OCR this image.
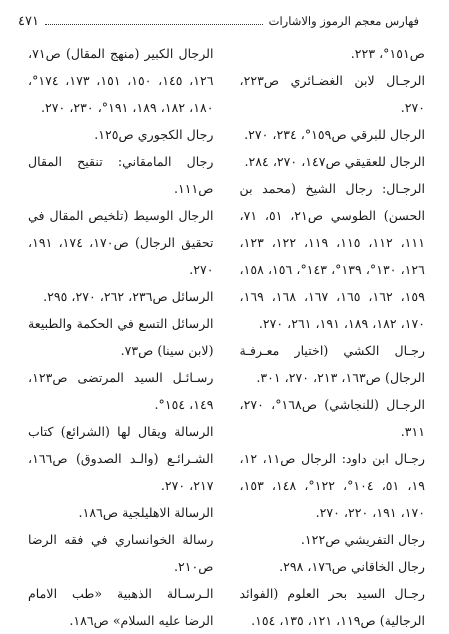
فهارس معجم الرموز والاشارات
٤٧١
ص١٥١°، ٢٢٣.
الرجـال لابن الغضـائري ص٢٢٣، ٢٧٠.
الرجال للبرقي ص١٥٩°، ٢٣٤، ٢٧٠.
الرجال للعقيقي ص١٤٧، ٢٧٠، ٢٨٤.
الرجـال: رجال الشيخ (محمد بن الحسن) الطوسي ص٢١، ٥١، ٧١، ١١١، ١١٢، ١١٥، ١١٩، ١٢٢، ١٢٣، ١٢٦، ١٣٠°، ١٣٩°، ١٤٣°، ١٥٦، ١٥٨، ١٥٩، ١٦٢، ١٦٥، ١٦٧، ١٦٨، ١٦٩، ١٧٠، ١٨٢، ١٨٩، ١٩١، ٢٦١، ٢٧٠.
رجـال الكشي (اختيار معـرفـة الرجال) ص١٦٣، ٢١٣، ٢٧٠، ٣٠١.
الرجـال (للنجاشي) ص١٦٨°، ٢٧٠، ٣١١.
رجـال ابن داود: الرجال ص١١، ١٢، ١٩، ٥١، ١٠٤°، ١٢٢°، ١٤٨، ١٥٣، ١٧٠، ١٩١، ٢٢٠، ٢٧٠.
رجال التفريشي ص١٢٢.
رجال الخاقاني ص١٧٦، ٢٩٨.
رجـال السيد بحر العلوم (الفوائد الرجالية) ص١١٩، ١٢١، ١٣٥، ١٥٤.
الرجال الكبير (منهج المقال) ص٧١، ١٢٦، ١٤٥، ١٥٠، ١٥١، ١٧٣، ١٧٤°، ١٨٠، ١٨٢، ١٨٩، ١٩١°، ٢٣٠، ٢٧٠.
رجال الكجوري ص١٢٥.
رجال المامقاني: تنقيح المقال ص١١١.
الرجال الوسيط (تلخيص المقال في تحقيق الرجال) ص١٧٠، ١٧٤، ١٩١، ٢٧٠.
الرسائل ص٢٣٦، ٢٦٢، ٢٧٠، ٢٩٥.
الرسائل التسع في الحكمة والطبيعة (لابن سينا) ص٧٣.
رسـائـل السيد المرتضى ص١٢٣، ١٤٩، ١٥٤°.
الرسالة ويقال لها (الشرائع) كتاب الشـرائـع (والـد الصدوق) ص١٦٦، ٢١٧، ٢٧٠.
الرسالة الاهليلجية ص١٨٦.
رسالة الخوانساري في فقه الرضا ص٢١٠.
الـرسـالة الذهبية «طب الامام الرضا عليه السلام» ص١٨٦.
